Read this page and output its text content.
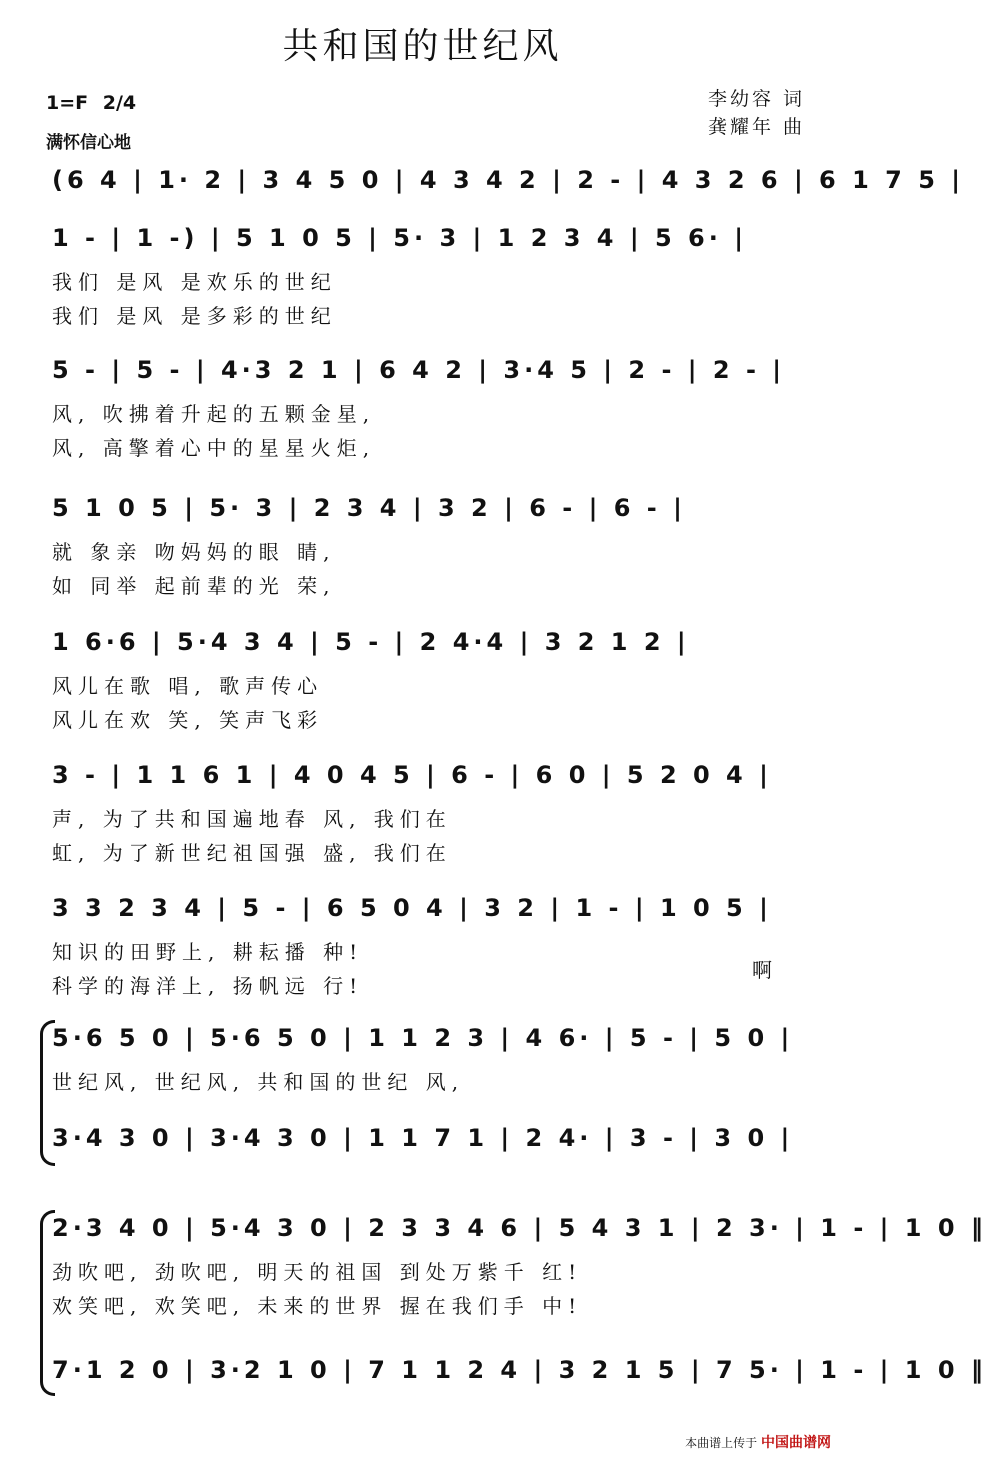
共和国的世纪风
1=F 2/4
满怀信心地
李幼容 词
龚耀年 曲
(6 4 | 1· 2 | 3 4 5 0 | 4 3 4 2 | 2 - | 4 3 2 6 | 6 1 7 5 |
1 - | 1 -) | 5 1 0 5 | 5· 3 | 1 2 3 4 | 5 6· |
我们 是风 是欢乐的世纪
我们 是风 是多彩的世纪
5 - | 5 - | 4·3 2 1 | 6 4 2 | 3·4 5 | 2 - | 2 - |
风, 吹拂着升起的五颗金星,
风, 高擎着心中的星星火炬,
5 1 0 5 | 5· 3 | 2 3 4 | 3 2 | 6 - | 6 - |
就 象亲 吻妈妈的眼 睛,
如 同举 起前辈的光 荣,
1 6·6 | 5·4 3 4 | 5 - | 2 4·4 | 3 2 1 2 |
风儿在歌 唱, 歌声传心
风儿在欢 笑, 笑声飞彩
3 - | 1 1 6 1 | 4 0 4 5 | 6 - | 6 0 | 5 2 0 4 |
声, 为了共和国遍地春 风, 我们在
虹, 为了新世纪祖国强 盛, 我们在
3 3 2 3 4 | 5 - | 6 5 0 4 | 3 2 | 1 - | 1 0 5 |
知识的田野上, 耕耘播 种!
科学的海洋上, 扬帆远 行!
啊
5·6 5 0 | 5·6 5 0 | 1 1 2 3 | 4 6· | 5 - | 5 0 |
世纪风, 世纪风, 共和国的世纪 风,
3·4 3 0 | 3·4 3 0 | 1 1 7 1 | 2 4· | 3 - | 3 0 |
2·3 4 0 | 5·4 3 0 | 2 3 3 4 6 | 5 4 3 1 | 2 3· | 1 - | 1 0 ‖
劲吹吧, 劲吹吧, 明天的祖国 到处万紫千 红!
欢笑吧, 欢笑吧, 未来的世界 握在我们手 中!
7·1 2 0 | 3·2 1 0 | 7 1 1 2 4 | 3 2 1 5 | 7 5· | 1 - | 1 0 ‖
本曲谱上传于 中国曲谱网
